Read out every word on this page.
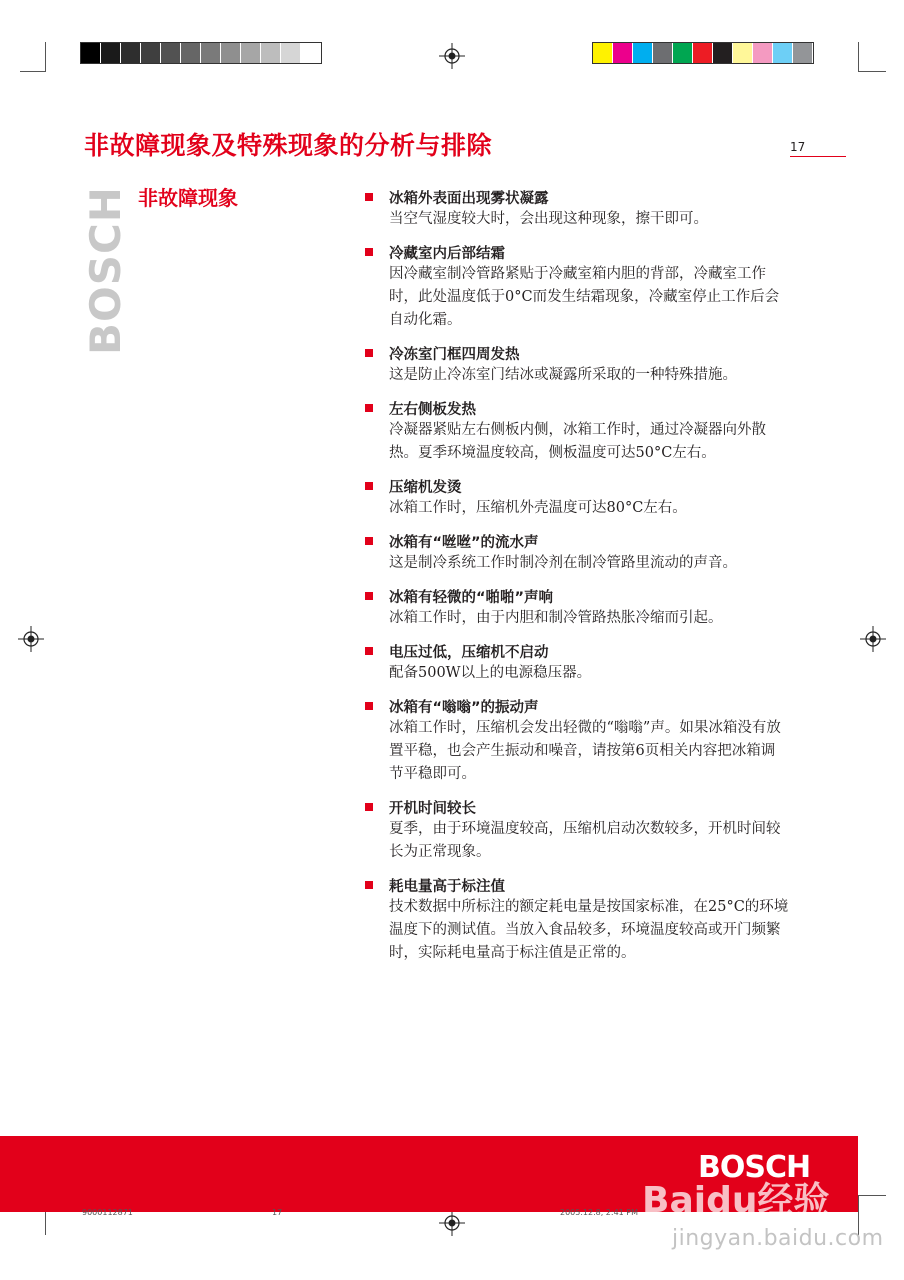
非故障现象及特殊现象的分析与排除	17
BOSCH 非故障现象	冰箱外表面出现雾状凝露
当空气湿度较大时，会出现这种现象，擦干即可。
冷藏室内后部结霜
因冷藏室制冷管路紧贴于冷藏室箱内胆的背部，冷藏室工作时，此处温度低于0°C而发生结霜现象，冷藏室停止工作后会自动化霜。
冷冻室门框四周发热
这是防止冷冻室门结冰或凝露所采取的一种特殊措施。
左右侧板发热
冷凝器紧贴左右侧板内侧，冰箱工作时，通过冷凝器向外散热。夏季环境温度较高，侧板温度可达50°C左右。
压缩机发烫
冰箱工作时，压缩机外壳温度可达80°C左右。
冰箱有“咝咝”的流水声
这是制冷系统工作时制冷剂在制冷管路里流动的声音。
冰箱有轻微的“啪啪”声响
冰箱工作时，由于内胆和制冷管路热胀冷缩而引起。
电压过低，压缩机不启动
配备500W以上的电源稳压器。
冰箱有“嗡嗡”的振动声
冰箱工作时，压缩机会发出轻微的“嗡嗡”声。如果冰箱没有放置平稳，也会产生振动和噪音，请按第6页相关内容把冰箱调节平稳即可。
开机时间较长
夏季，由于环境温度较高，压缩机启动次数较多，开机时间较长为正常现象。
耗电量高于标注值
技术数据中所标注的额定耗电量是按国家标准，在25°C的环境温度下的测试值。当放入食品较多，环境温度较高或开门频繁时，实际耗电量高于标注值是正常的。
BOSCH
Baidu经验
jingyan.baidu.com
9000112871	17	2005.12.8, 2:41 PM
